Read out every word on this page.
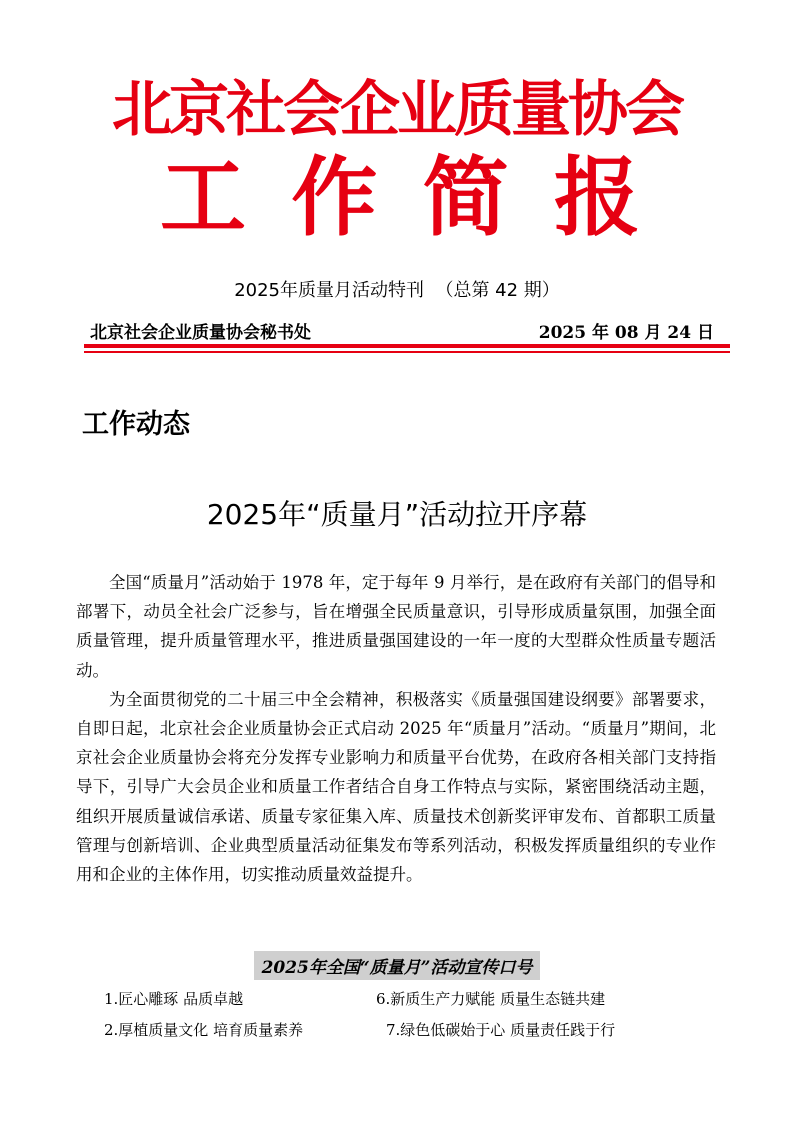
北京社会企业质量协会
工 作 简 报
2025年质量月活动特刊  （总第 42 期）
北京社会企业质量协会秘书处	2025 年 08 月 24 日
工作动态
2025年“质量月”活动拉开序幕

全国“质量月”活动始于 1978 年，定于每年 9 月举行，是在政府有关部门的倡导和部署下，动员全社会广泛参与，旨在增强全民质量意识，引导形成质量氛围，加强全面质量管理，提升质量管理水平，推进质量强国建设的一年一度的大型群众性质量专题活动。

为全面贯彻党的二十届三中全会精神，积极落实《质量强国建设纲要》部署要求，自即日起，北京社会企业质量协会正式启动 2025 年“质量月”活动。“质量月”期间，北京社会企业质量协会将充分发挥专业影响力和质量平台优势，在政府各相关部门支持指导下，引导广大会员企业和质量工作者结合自身工作特点与实际，紧密围绕活动主题，组织开展质量诚信承诺、质量专家征集入库、质量技术创新奖评审发布、首都职工质量管理与创新培训、企业典型质量活动征集发布等系列活动，积极发挥质量组织的专业作用和企业的主体作用，切实推动质量效益提升。

2025年全国“质量月”活动宣传口号
1.匠心雕琢 品质卓越	6.新质生产力赋能 质量生态链共建
2.厚植质量文化 培育质量素养	7.绿色低碳始于心 质量责任践于行
